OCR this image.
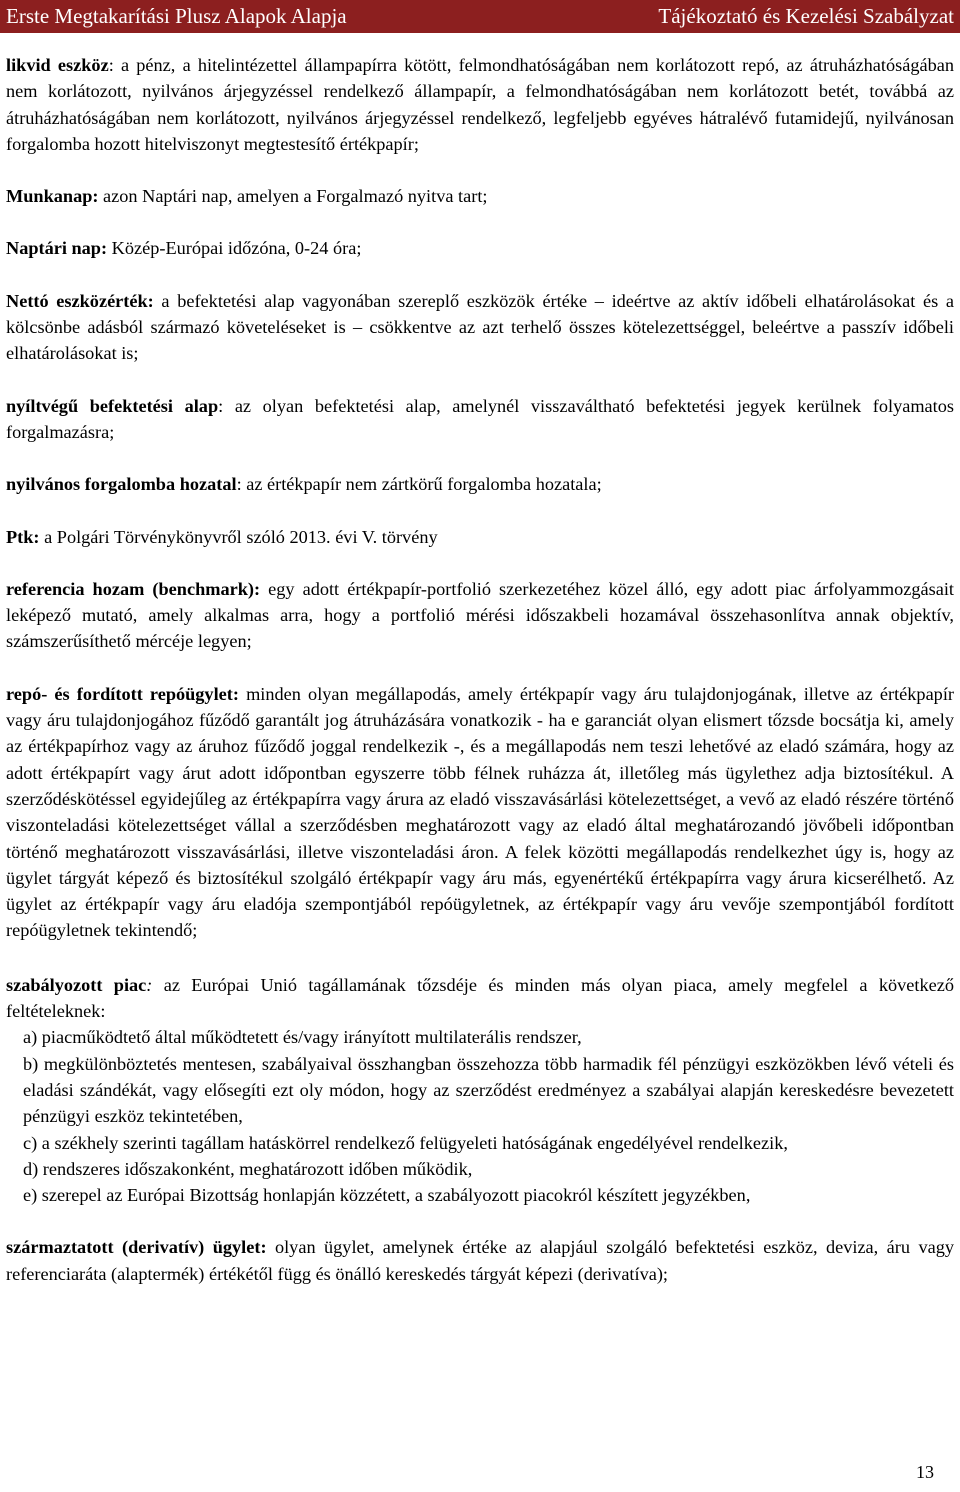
Erste Megtakarítási Plusz Alapok Alapja	Tájékoztató és Kezelési Szabályzat

likvid eszköz: a pénz, a hitelintézettel állampapírra kötött, felmondhatóságában nem korlátozott repó, az átruházhatóságában nem korlátozott, nyilvános árjegyzéssel rendelkező állampapír, a felmondhatóságában nem korlátozott betét, továbbá az átruházhatóságában nem korlátozott, nyilvános árjegyzéssel rendelkező, legfeljebb egyéves hátralévő futamidejű, nyilvánosan forgalomba hozott hitelviszonyt megtestesítő értékpapír;

Munkanap: azon Naptári nap, amelyen a Forgalmazó nyitva tart;

Naptári nap: Közép-Európai időzóna, 0-24 óra;

Nettó eszközérték: a befektetési alap vagyonában szereplő eszközök értéke – ideértve az aktív időbeli elhatárolásokat és a kölcsönbe adásból származó követeléseket is – csökkentve az azt terhelő összes kötelezettséggel, beleértve a passzív időbeli elhatárolásokat is;

nyíltvégű befektetési alap: az olyan befektetési alap, amelynél visszaváltható befektetési jegyek kerülnek folyamatos forgalmazásra;

nyilvános forgalomba hozatal: az értékpapír nem zártkörű forgalomba hozatala;

Ptk: a Polgári Törvénykönyvről szóló 2013. évi V. törvény

referencia hozam (benchmark): egy adott értékpapír-portfolió szerkezetéhez közel álló, egy adott piac árfolyammozgásait leképező mutató, amely alkalmas arra, hogy a portfolió mérési időszakbeli hozamával összehasonlítva annak objektív, számszerűsíthető mércéje legyen;

repó- és fordított repóügylet: minden olyan megállapodás, amely értékpapír vagy áru tulajdonjogának, illetve az értékpapír vagy áru tulajdonjogához fűződő garantált jog átruházására vonatkozik - ha e garanciát olyan elismert tőzsde bocsátja ki, amely az értékpapírhoz vagy az áruhoz fűződő joggal rendelkezik -, és a megállapodás nem teszi lehetővé az eladó számára, hogy az adott értékpapírt vagy árut adott időpontban egyszerre több félnek ruházza át, illetőleg más ügylethez adja biztosítékul. A szerződéskötéssel egyidejűleg az értékpapírra vagy árura az eladó visszavásárlási kötelezettséget, a vevő az eladó részére történő viszonteladási kötelezettséget vállal a szerződésben meghatározott vagy az eladó által meghatározandó jövőbeli időpontban történő meghatározott visszavásárlási, illetve viszonteladási áron. A felek közötti megállapodás rendelkezhet úgy is, hogy az ügylet tárgyát képező és biztosítékul szolgáló értékpapír vagy áru más, egyenértékű értékpapírra vagy árura kicserélhető. Az ügylet az értékpapír vagy áru eladója szempontjából repóügyletnek, az értékpapír vagy áru vevője szempontjából fordított repóügyletnek tekintendő;

szabályozott piac: az Európai Unió tagállamának tőzsdéje és minden más olyan piaca, amely megfelel a következő feltételeknek:

a) piacműködtető által működtetett és/vagy irányított multilaterális rendszer,

b) megkülönböztetés mentesen, szabályaival összhangban összehozza több harmadik fél pénzügyi eszközökben lévő vételi és eladási szándékát, vagy elősegíti ezt oly módon, hogy az szerződést eredményez a szabályai alapján kereskedésre bevezetett pénzügyi eszköz tekintetében,

c) a székhely szerinti tagállam hatáskörrel rendelkező felügyeleti hatóságának engedélyével rendelkezik,

d) rendszeres időszakonként, meghatározott időben működik,

e) szerepel az Európai Bizottság honlapján közzétett, a szabályozott piacokról készített jegyzékben,

származtatott (derivatív) ügylet: olyan ügylet, amelynek értéke az alapjául szolgáló befektetési eszköz, deviza, áru vagy referenciaráta (alaptermék) értékétől függ és önálló kereskedés tárgyát képezi (derivatíva);

13
